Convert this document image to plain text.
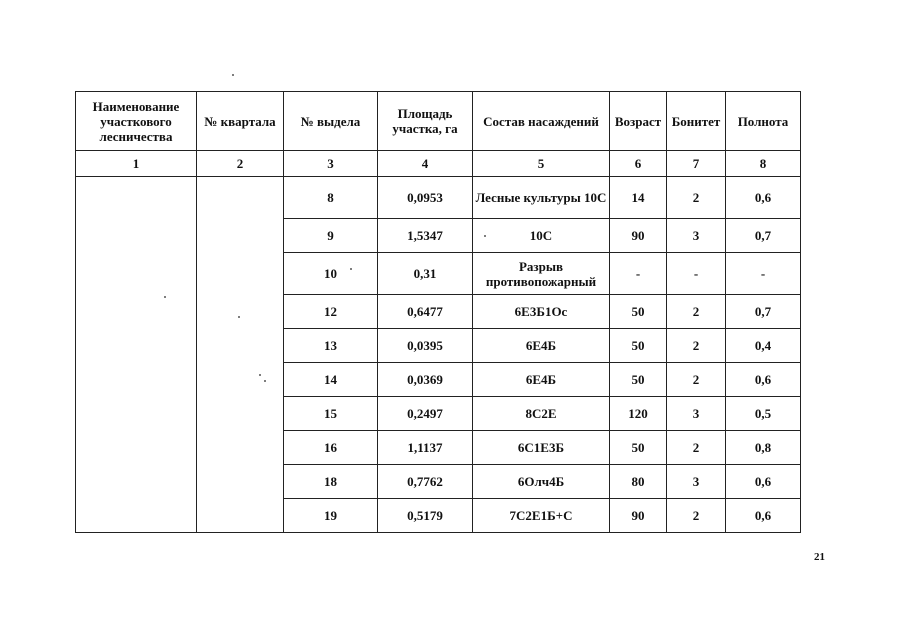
Наименование участкового лесничества	№ квартала	№ выдела	Площадь участка, га	Состав насаждений	Возраст	Бонитет	Полнота
1	2	3	4	5	6	7	8
		8	0,0953	Лесные культуры 10С	14	2	0,6
		9	1,5347	10С	90	3	0,7
		10	0,31	Разрыв противопожарный	-	-	-
		12	0,6477	6Е3Б1Ос	50	2	0,7
		13	0,0395	6Е4Б	50	2	0,4
		14	0,0369	6Е4Б	50	2	0,6
		15	0,2497	8С2Е	120	3	0,5
		16	1,1137	6С1Е3Б	50	2	0,8
		18	0,7762	6Олч4Б	80	3	0,6
		19	0,5179	7С2Е1Б+С	90	2	0,6
21
